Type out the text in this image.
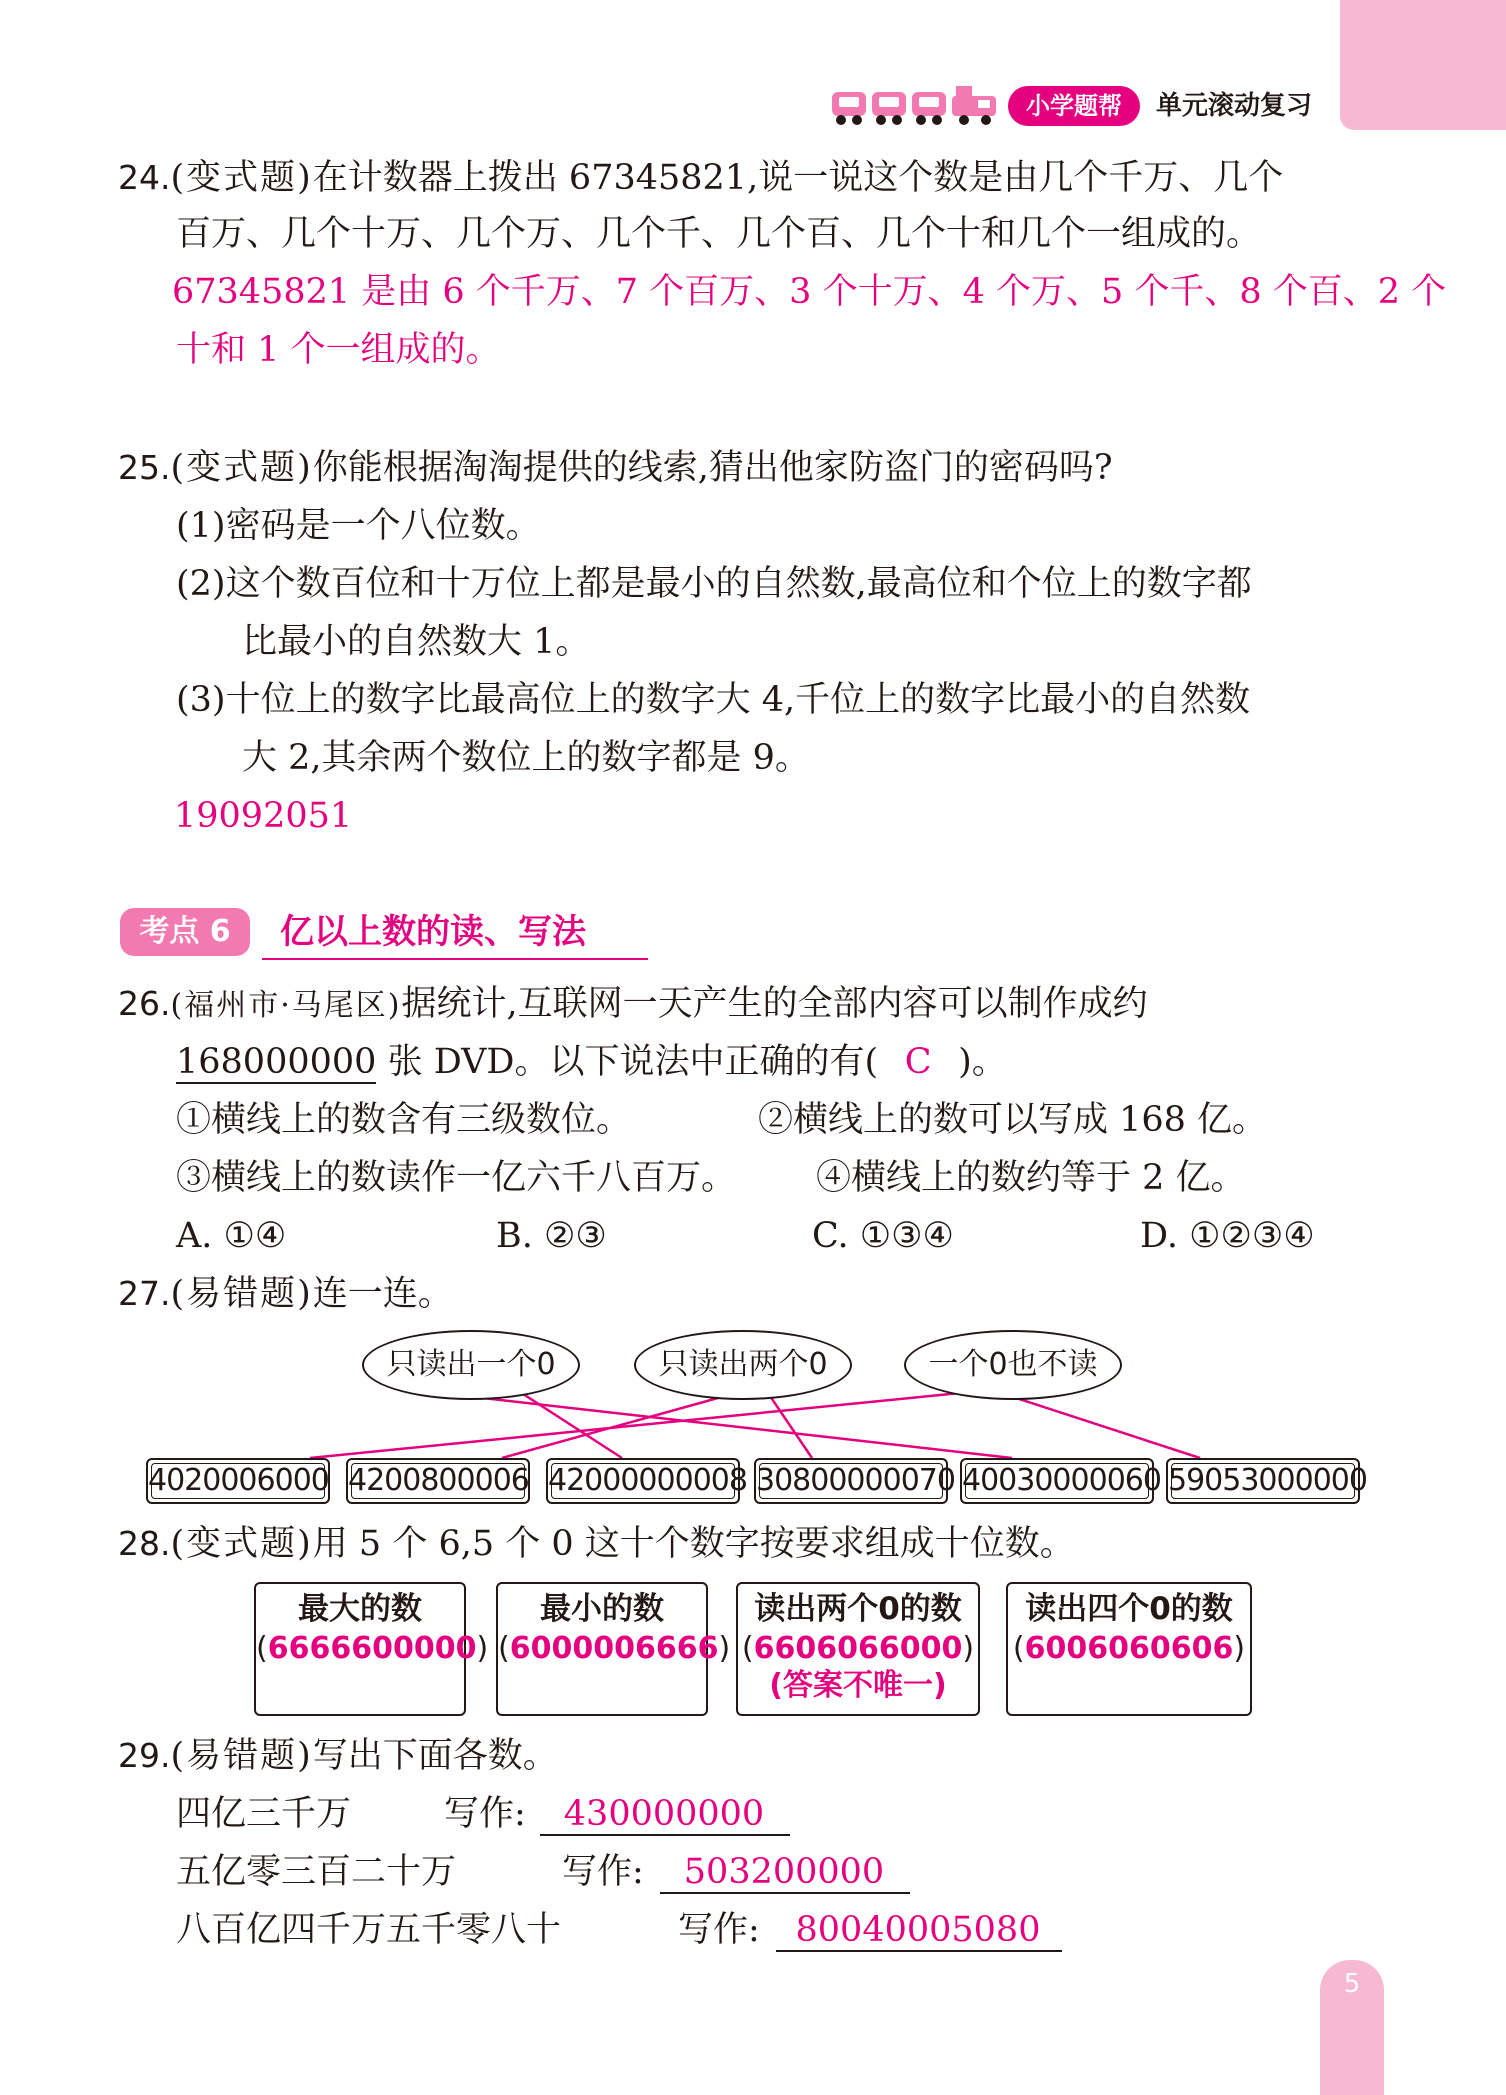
小学题帮	单元滚动复习
24.(变式题)在计数器上拨出 67345821,说一说这个数是由几个千万、几个
百万、几个十万、几个万、几个千、几个百、几个十和几个一组成的。
67345821 是由 6 个千万、7 个百万、3 个十万、4 个万、5 个千、8 个百、2 个
十和 1 个一组成的。
25.(变式题)你能根据淘淘提供的线索,猜出他家防盗门的密码吗?
(1)密码是一个八位数。
(2)这个数百位和十万位上都是最小的自然数,最高位和个位上的数字都
比最小的自然数大 1。
(3)十位上的数字比最高位上的数字大 4,千位上的数字比最小的自然数
大 2,其余两个数位上的数字都是 9。
19092051
考点 6	亿以上数的读、写法
26.(福州市·马尾区)据统计,互联网一天产生的全部内容可以制作成约
168000000 张 DVD。以下说法中正确的有( C )。
①横线上的数含有三级数位。	②横线上的数可以写成 168 亿。
③横线上的数读作一亿六千八百万。 ④横线上的数约等于 2 亿。
A. ①④	B. ②③	C. ①③④	D. ①②③④
27.(易错题)连一连。
只读出一个0	只读出两个0	一个0也不读
4020006000 4200800006 42000000008 30800000070 40030000060 59053000000
28.(变式题)用 5 个 6,5 个 0 这十个数字按要求组成十位数。
最大的数
(6666600000)
最小的数
(6000006666)
读出两个0的数
(6606066000)
(答案不唯一)
读出四个0的数
(6006060606)
29.(易错题)写出下面各数。
四亿三千万	写作:	430000000
五亿零三百二十万	写作:	503200000
八百亿四千万五千零八十	写作:	80040005080
5
